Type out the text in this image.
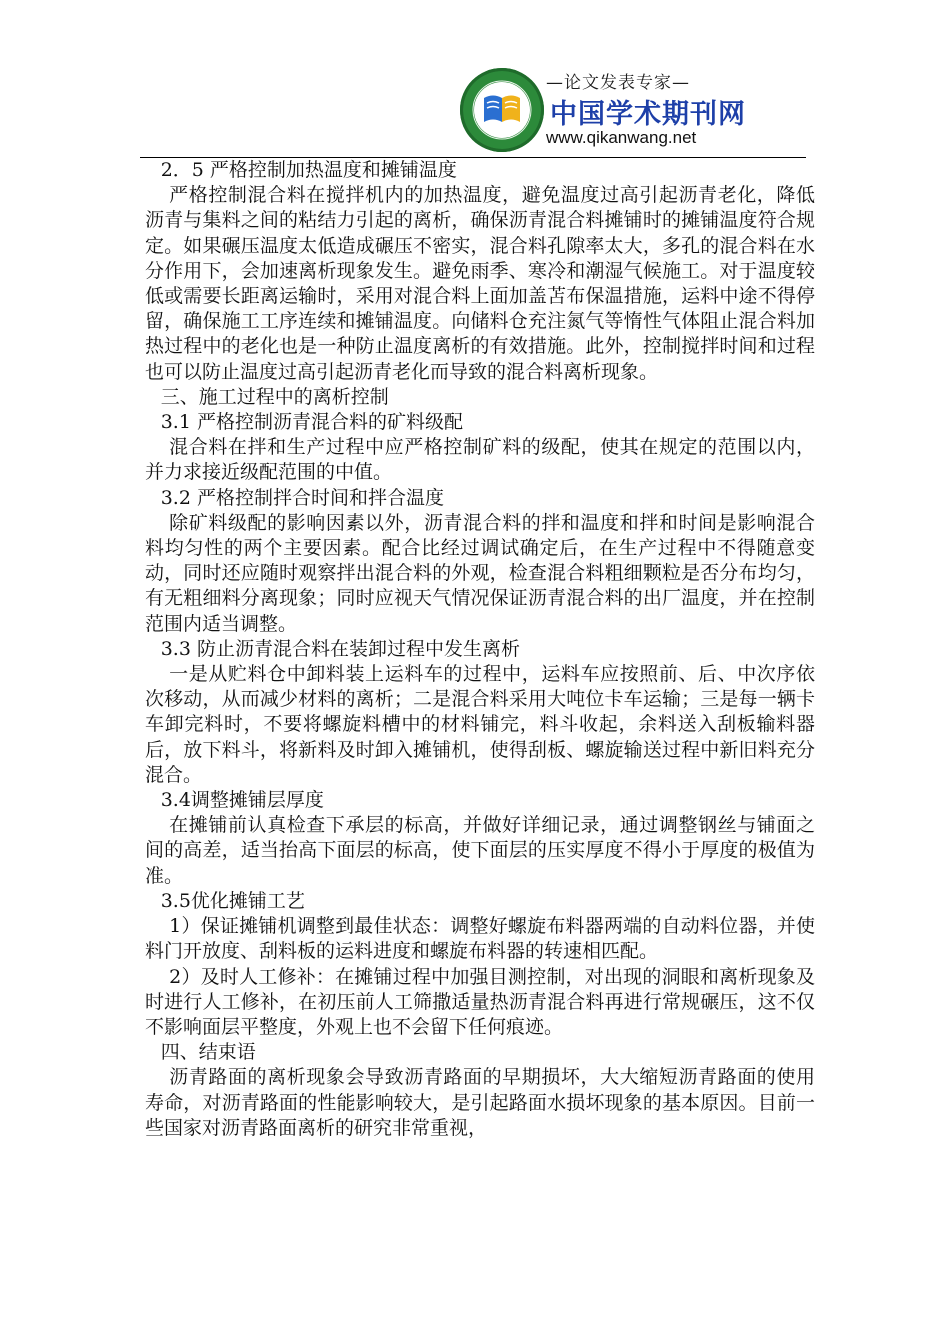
—论文发表专家—
中国学术期刊网
www.qikanwang.net

2．5 严格控制加热温度和摊铺温度

严格控制混合料在搅拌机内的加热温度，避免温度过高引起沥青老化，降低沥青与集料之间的粘结力引起的离析，确保沥青混合料摊铺时的摊铺温度符合规定。如果碾压温度太低造成碾压不密实，混合料孔隙率太大，多孔的混合料在水分作用下，会加速离析现象发生。避免雨季、寒冷和潮湿气候施工。对于温度较低或需要长距离运输时，采用对混合料上面加盖苫布保温措施，运料中途不得停留，确保施工工序连续和摊铺温度。向储料仓充注氮气等惰性气体阻止混合料加热过程中的老化也是一种防止温度离析的有效措施。此外，控制搅拌时间和过程也可以防止温度过高引起沥青老化而导致的混合料离析现象。

三、施工过程中的离析控制

3.1 严格控制沥青混合料的矿料级配

混合料在拌和生产过程中应严格控制矿料的级配，使其在规定的范围以内，并力求接近级配范围的中值。

3.2 严格控制拌合时间和拌合温度

除矿料级配的影响因素以外，沥青混合料的拌和温度和拌和时间是影响混合料均匀性的两个主要因素。配合比经过调试确定后，在生产过程中不得随意变动，同时还应随时观察拌出混合料的外观，检查混合料粗细颗粒是否分布均匀，有无粗细料分离现象；同时应视天气情况保证沥青混合料的出厂温度，并在控制范围内适当调整。

3.3 防止沥青混合料在装卸过程中发生离析

一是从贮料仓中卸料装上运料车的过程中，运料车应按照前、后、中次序依次移动，从而减少材料的离析；二是混合料采用大吨位卡车运输；三是每一辆卡车卸完料时，不要将螺旋料槽中的材料铺完，料斗收起，余料送入刮板输料器后，放下料斗，将新料及时卸入摊铺机，使得刮板、螺旋输送过程中新旧料充分混合。

3.4调整摊铺层厚度

在摊铺前认真检查下承层的标高，并做好详细记录，通过调整钢丝与铺面之间的高差，适当抬高下面层的标高，使下面层的压实厚度不得小于厚度的极值为准。

3.5优化摊铺工艺

1）保证摊铺机调整到最佳状态：调整好螺旋布料器两端的自动料位器，并使料门开放度、刮料板的运料进度和螺旋布料器的转速相匹配。

2）及时人工修补：在摊铺过程中加强目测控制，对出现的洞眼和离析现象及时进行人工修补，在初压前人工筛撒适量热沥青混合料再进行常规碾压，这不仅不影响面层平整度，外观上也不会留下任何痕迹。

四、结束语

沥青路面的离析现象会导致沥青路面的早期损坏，大大缩短沥青路面的使用寿命，对沥青路面的性能影响较大，是引起路面水损坏现象的基本原因。目前一些国家对沥青路面离析的研究非常重视，
